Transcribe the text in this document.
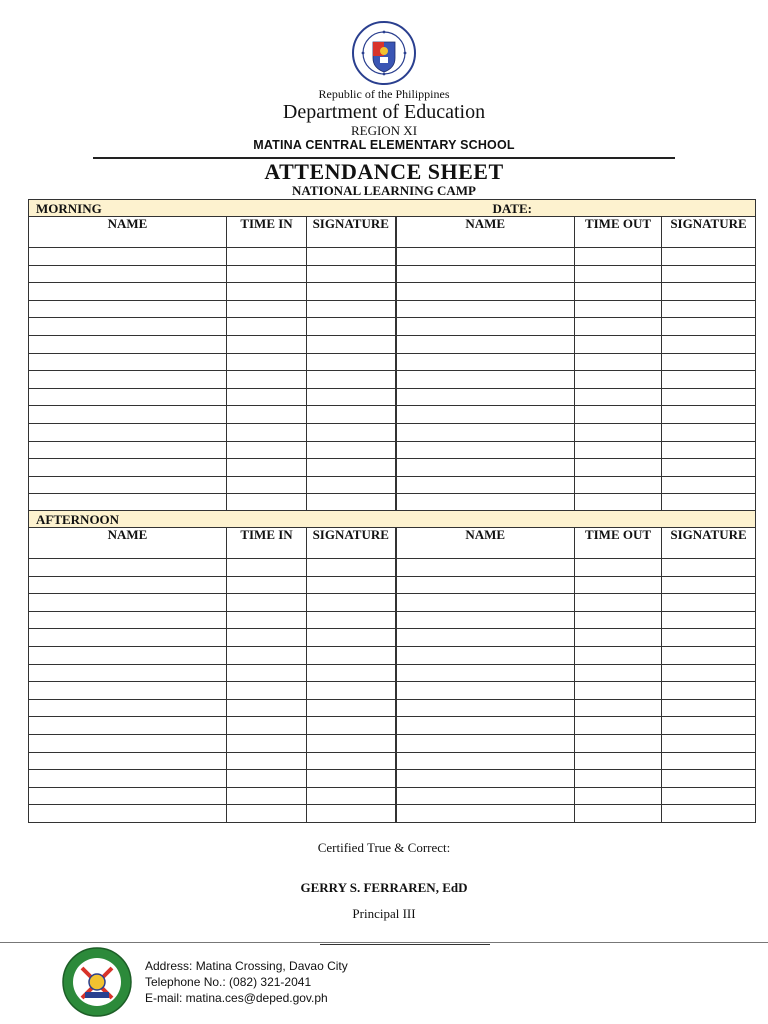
Republic of the Philippines
Department of Education
REGION XI
MATINA CENTRAL ELEMENTARY SCHOOL
ATTENDANCE SHEET
NATIONAL LEARNING CAMP
MORNING			DATE:		
NAME	TIME IN	SIGNATURE	NAME	TIME OUT	SIGNATURE

AFTERNOON					
NAME	TIME IN	SIGNATURE	NAME	TIME OUT	SIGNATURE

Certified True & Correct:
GERRY S. FERRAREN, EdD
Principal III
Address: Matina Crossing, Davao City
Telephone No.: (082) 321-2041
E-mail: matina.ces@deped.gov.ph
